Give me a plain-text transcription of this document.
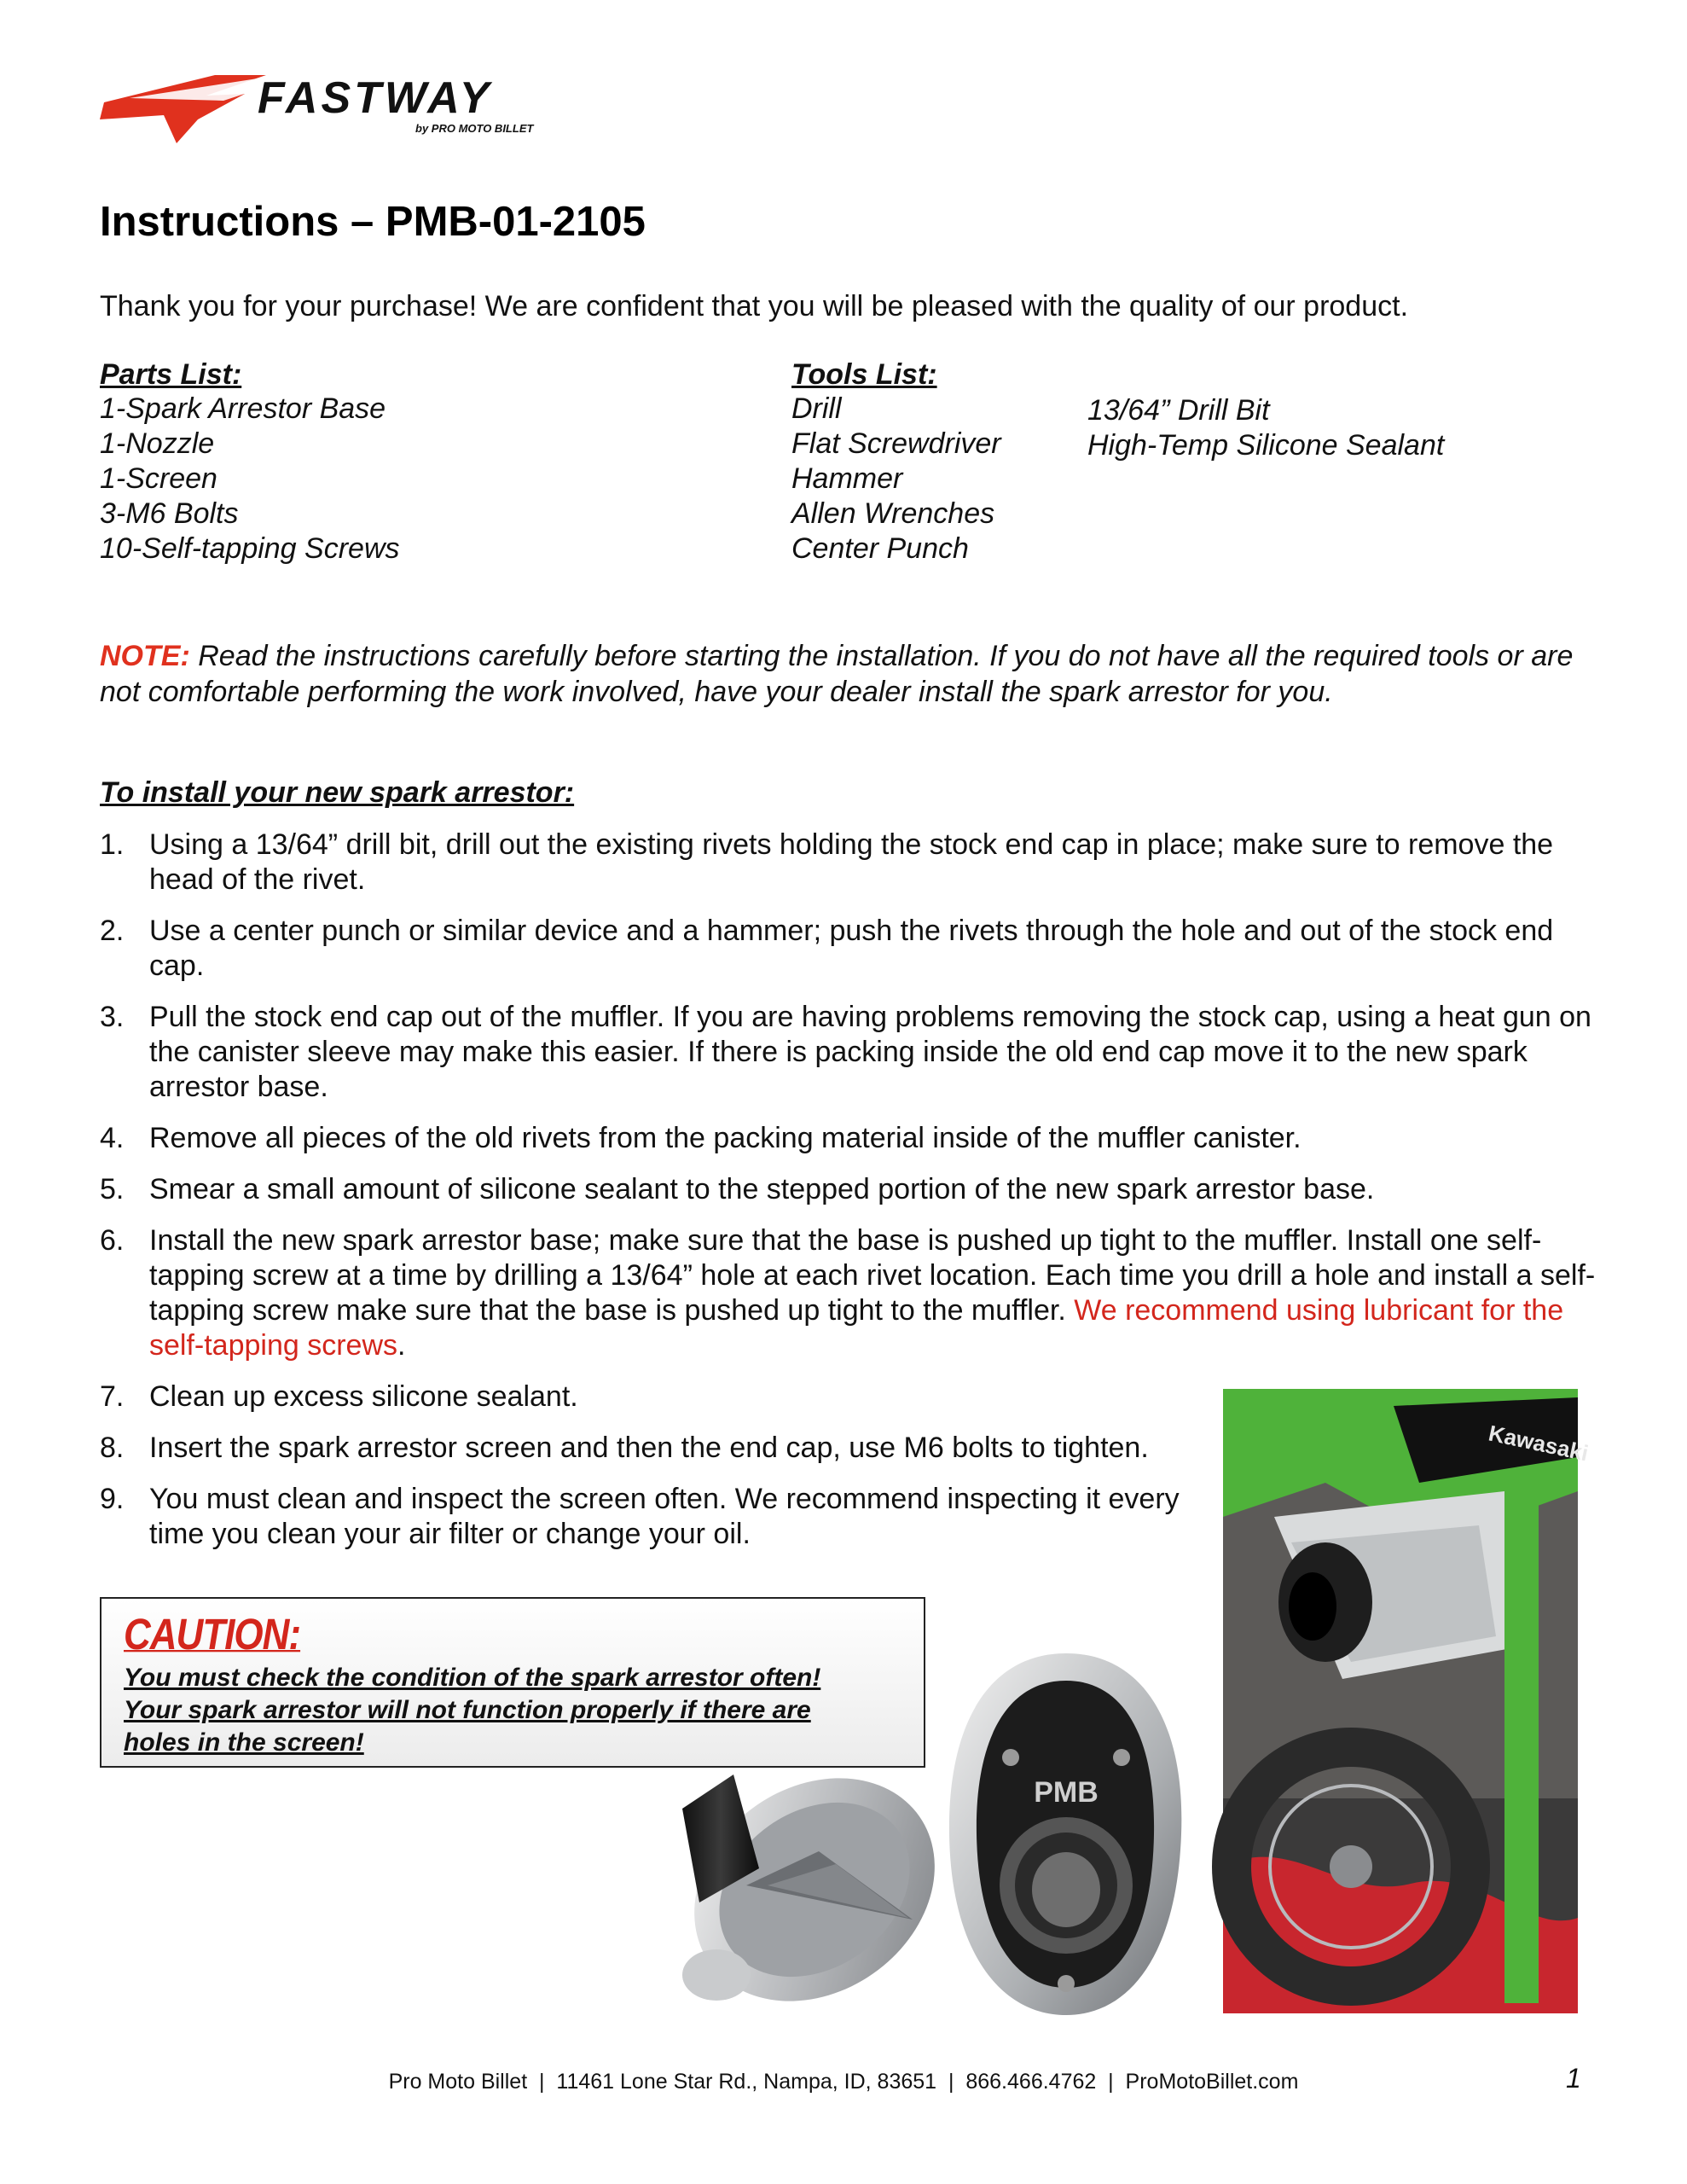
FASTWAY
by PRO MOTO BILLET
Instructions – PMB-01-2105
Thank you for your purchase! We are confident that you will be pleased with the quality of our product.
Parts List:
1-Spark Arrestor Base
1-Nozzle
1-Screen
3-M6 Bolts
10-Self-tapping Screws
Tools List:
Drill
Flat Screwdriver
Hammer
Allen Wrenches
Center Punch
13/64” Drill Bit
High-Temp Silicone Sealant
NOTE: Read the instructions carefully before starting the installation. If you do not have all the required tools or are not comfortable performing the work involved, have your dealer install the spark arrestor for you.
To install your new spark arrestor:
1. Using a 13/64” drill bit, drill out the existing rivets holding the stock end cap in place; make sure to remove the head of the rivet.
2. Use a center punch or similar device and a hammer; push the rivets through the hole and out of the stock end cap.
3. Pull the stock end cap out of the muffler. If you are having problems removing the stock cap, using a heat gun on the canister sleeve may make this easier. If there is packing inside the old end cap move it to the new spark arrestor base.
4. Remove all pieces of the old rivets from the packing material inside of the muffler canister.
5. Smear a small amount of silicone sealant to the stepped portion of the new spark arrestor base.
6. Install the new spark arrestor base; make sure that the base is pushed up tight to the muffler. Install one self-tapping screw at a time by drilling a 13/64” hole at each rivet location. Each time you drill a hole and install a self-tapping screw make sure that the base is pushed up tight to the muffler. We recommend using lubricant for the self-tapping screws.
7. Clean up excess silicone sealant.
8. Insert the spark arrestor screen and then the end cap, use M6 bolts to tighten.
9. You must clean and inspect the screen often. We recommend inspecting it every time you clean your air filter or change your oil.
CAUTION:
You must check the condition of the spark arrestor often!
Your spark arrestor will not function properly if there are
holes in the screen!
PMB
Kawasaki
Pro Moto Billet  |  11461 Lone Star Rd., Nampa, ID, 83651  |  866.466.4762  |  ProMotoBillet.com	1
